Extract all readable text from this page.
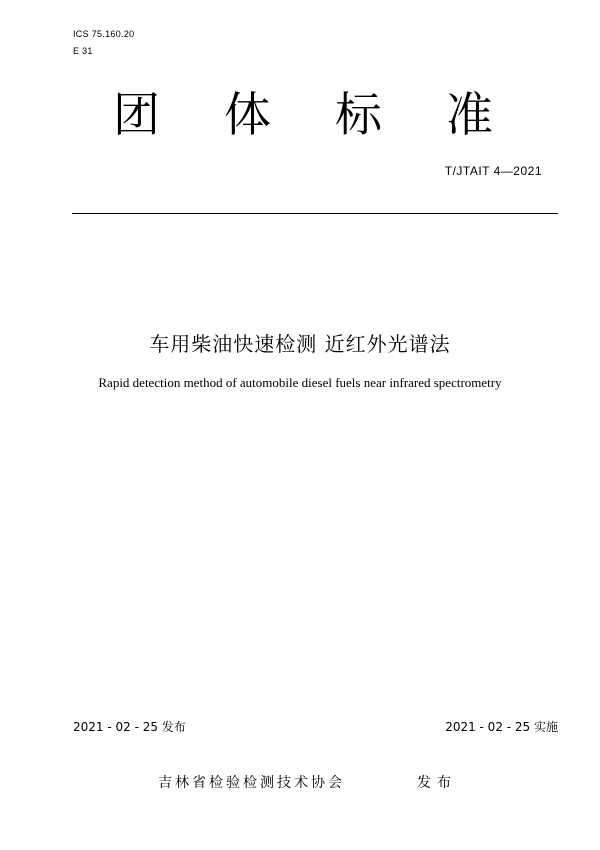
ICS 75.160.20
E 31
团体标准
T/JTAIT 4—2021
车用柴油快速检测 近红外光谱法
Rapid detection method of automobile diesel fuels near infrared spectrometry
2021 - 02 - 25 发布	2021 - 02 - 25 实施
吉林省检验检测技术协会	发布
